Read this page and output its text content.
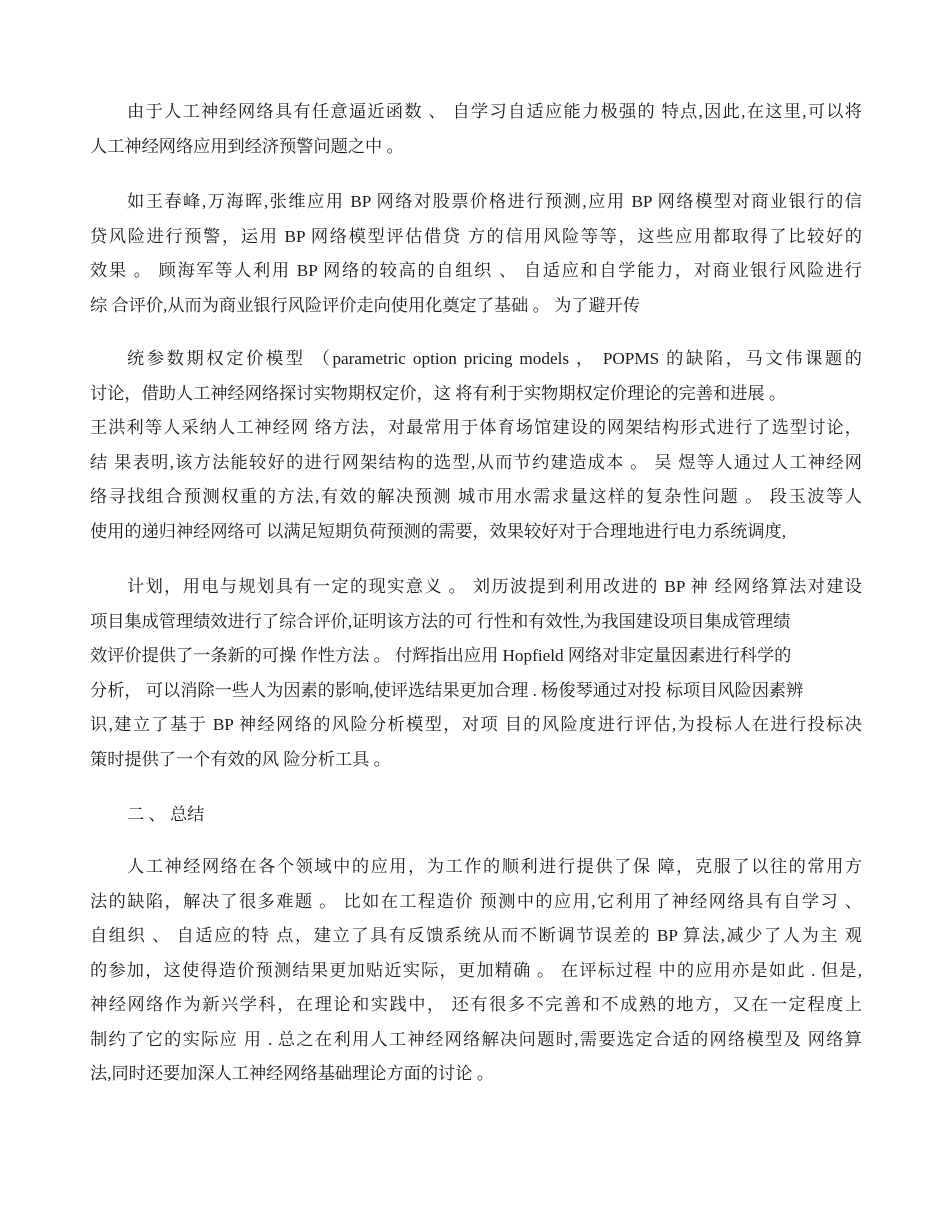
由于人工神经网络具有任意逼近函数 、 自学习自适应能力极强的 特点,因此,在这里,可以将
人工神经网络应用到经济预警问题之中 。
如王春峰,万海晖,张维应用 BP 网络对股票价格进行预测,应用 BP 网络模型对商业银行的信
贷风险进行预警，运用 BP 网络模型评估借贷 方的信用风险等等，这些应用都取得了比较好的
效果 。 顾海军等人利用 BP 网络的较高的自组织 、 自适应和自学能力，对商业银行风险进行
综 合评价,从而为商业银行风险评价走向使用化奠定了基础 。 为了避开传
统参数期权定价模型 （parametric option pricing models ， POPMS 的缺陷，马文伟课题的
讨论，借助人工神经网络探讨实物期权定价，这 将有利于实物期权定价理论的完善和进展 。
王洪利等人采纳人工神经网 络方法，对最常用于体育场馆建设的网架结构形式进行了选型讨论，
结 果表明,该方法能较好的进行网架结构的选型,从而节约建造成本 。 吴 煜等人通过人工神经网
络寻找组合预测权重的方法,有效的解决预测 城市用水需求量这样的复杂性问题 。 段玉波等人
使用的递归神经网络可 以满足短期负荷预测的需要，效果较好对于合理地进行电力系统调度,
计划，用电与规划具有一定的现实意义 。 刘历波提到利用改进的 BP 神 经网络算法对建设
项目集成管理绩效进行了综合评价,证明该方法的可 行性和有效性,为我国建设项目集成管理绩
效评价提供了一条新的可操 作性方法 。 付辉指出应用 Hopfield 网络对非定量因素进行科学的
分析， 可以消除一些人为因素的影响,使评选结果更加合理 . 杨俊琴通过对投 标项目风险因素辨
识,建立了基于 BP 神经网络的风险分析模型，对项 目的风险度进行评估,为投标人在进行投标决
策时提供了一个有效的风 险分析工具 。
二 、 总结
人工神经网络在各个领域中的应用，为工作的顺利进行提供了保 障，克服了以往的常用方
法的缺陷，解决了很多难题 。 比如在工程造价 预测中的应用,它利用了神经网络具有自学习 、
自组织 、 自适应的特 点，建立了具有反馈系统从而不断调节误差的 BP 算法,减少了人为主 观
的参加，这使得造价预测结果更加贴近实际，更加精确 。 在评标过程 中的应用亦是如此 . 但是,
神经网络作为新兴学科，在理论和实践中， 还有很多不完善和不成熟的地方，又在一定程度上
制约了它的实际应 用 . 总之在利用人工神经网络解决问题时,需要选定合适的网络模型及 网络算
法,同时还要加深人工神经网络基础理论方面的讨论 。
